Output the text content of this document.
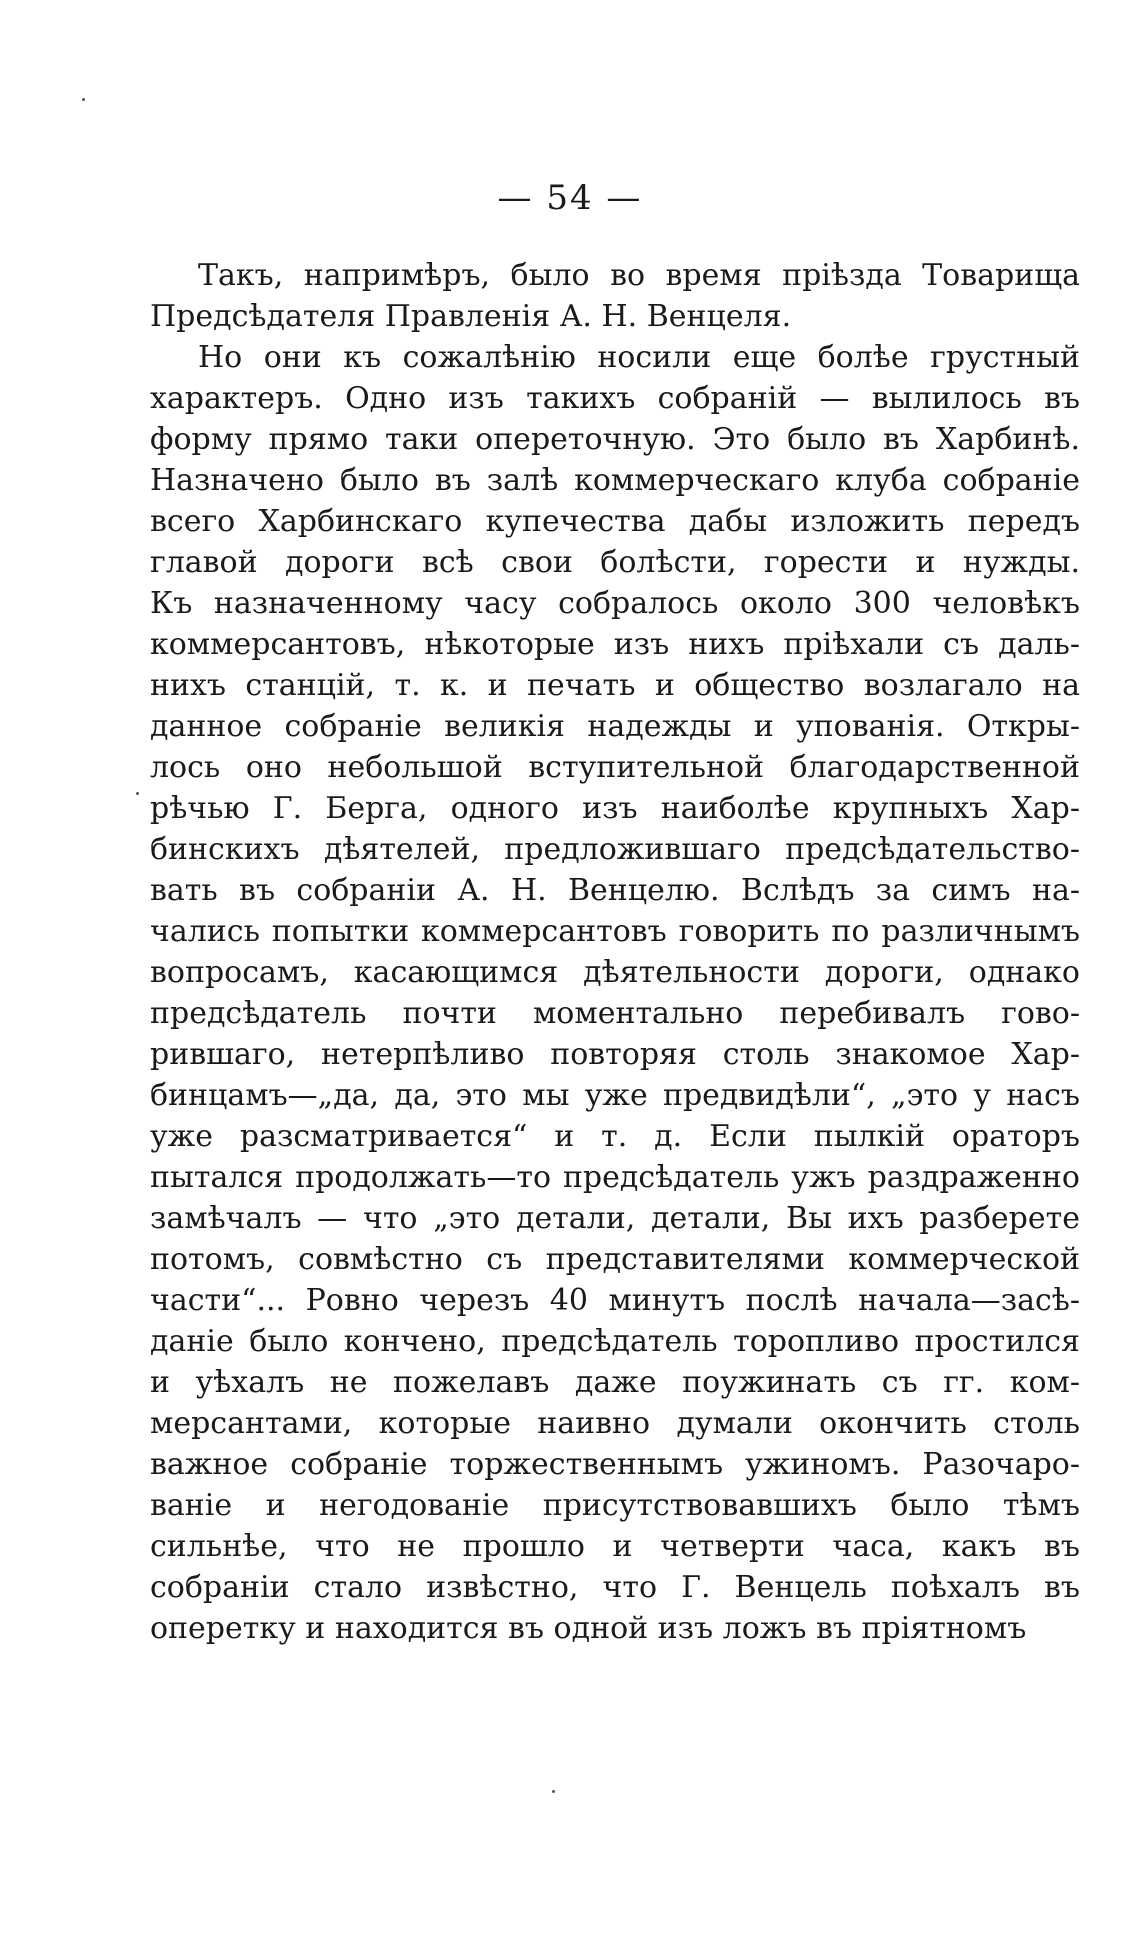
— 54 —
Такъ, напримѣръ, было во время пріѣзда Товарища
Предсѣдателя Правленія А. Н. Венцеля.
Но они къ сожалѣнію носили еще болѣе грустный
характеръ. Одно изъ такихъ собраній — вылилось въ
форму прямо таки опереточную. Это было въ Харбинѣ.
Назначено было въ залѣ коммерческаго клуба собраніе
всего Харбинскаго купечества дабы изложить передъ
главой дороги всѣ свои болѣсти, горести и нужды.
Къ назначенному часу собралось около 300 человѣкъ
коммерсантовъ, нѣкоторые изъ нихъ пріѣхали съ даль-
нихъ станцій, т. к. и печать и общество возлагало на
данное собраніе великія надежды и упованія. Откры-
лось оно небольшой вступительной благодарственной
рѣчью Г. Берга, одного изъ наиболѣе крупныхъ Хар-
бинскихъ дѣятелей, предложившаго предсѣдательство-
вать въ собраніи А. Н. Венцелю. Вслѣдъ за симъ на-
чались попытки коммерсантовъ говорить по различнымъ
вопросамъ, касающимся дѣятельности дороги, однако
предсѣдатель почти моментально перебивалъ гово-
рившаго, нетерпѣливо повторяя столь знакомое Хар-
бинцамъ—„да, да, это мы уже предвидѣли“, „это у насъ
уже разсматривается“ и т. д. Если пылкій ораторъ
пытался продолжать—то предсѣдатель ужъ раздраженно
замѣчалъ — что „это детали, детали, Вы ихъ разберете
потомъ, совмѣстно съ представителями коммерческой
части“... Ровно черезъ 40 минутъ послѣ начала—засѣ-
даніе было кончено, предсѣдатель торопливо простился
и уѣхалъ не пожелавъ даже поужинать съ гг. ком-
мерсантами, которые наивно думали окончить столь
важное собраніе торжественнымъ ужиномъ. Разочаро-
ваніе и негодованіе присутствовавшихъ было тѣмъ
сильнѣе, что не прошло и четверти часа, какъ въ
собраніи стало извѣстно, что Г. Венцель поѣхалъ въ
оперетку и находится въ одной изъ ложъ въ пріятномъ
